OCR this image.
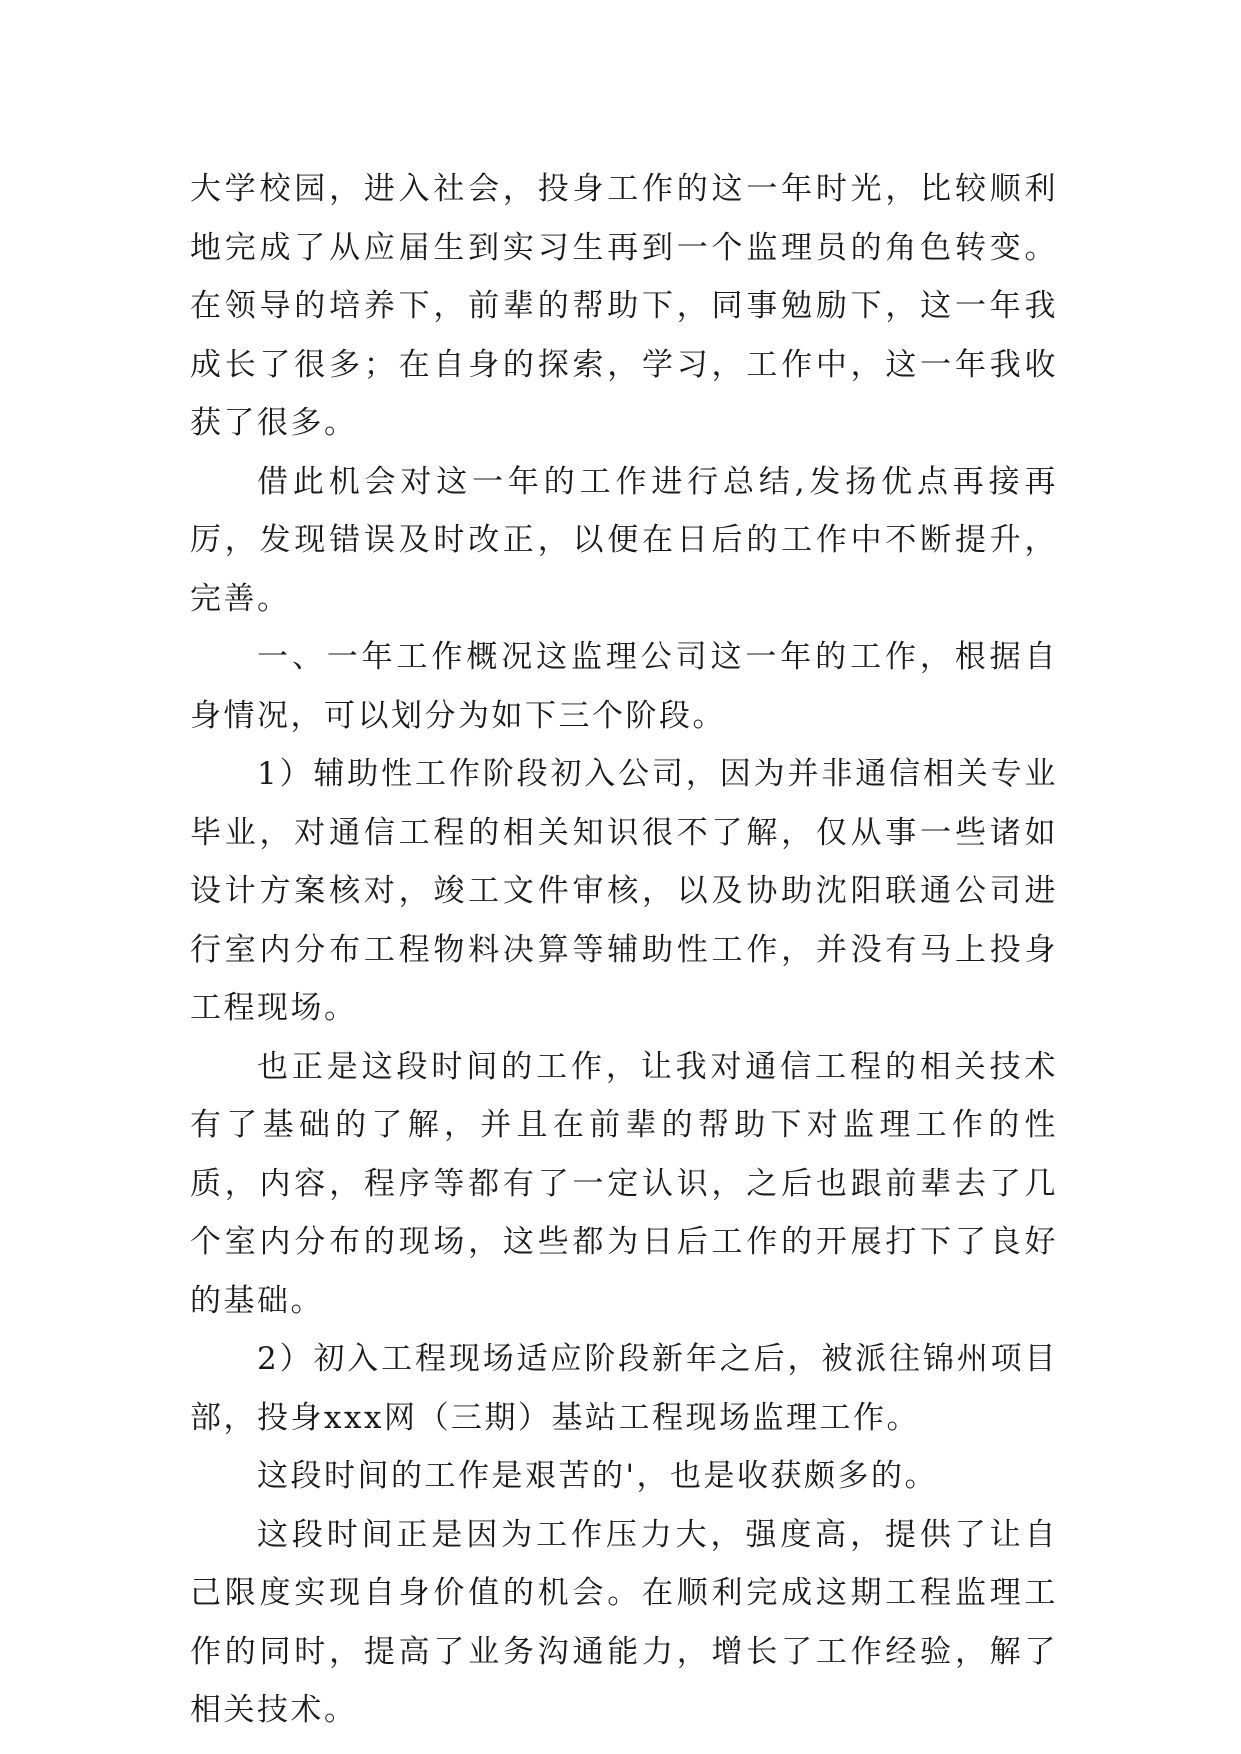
大学校园，进入社会，投身工作的这一年时光，比较顺利地完成了从应届生到实习生再到一个监理员的角色转变。在领导的培养下，前辈的帮助下，同事勉励下，这一年我成长了很多；在自身的探索，学习，工作中，这一年我收获了很多。

借此机会对这一年的工作进行总结,发扬优点再接再厉，发现错误及时改正，以便在日后的工作中不断提升，完善。

一、一年工作概况这监理公司这一年的工作，根据自身情况，可以划分为如下三个阶段。

1）辅助性工作阶段初入公司，因为并非通信相关专业毕业，对通信工程的相关知识很不了解，仅从事一些诸如设计方案核对，竣工文件审核，以及协助沈阳联通公司进行室内分布工程物料决算等辅助性工作，并没有马上投身工程现场。

也正是这段时间的工作，让我对通信工程的相关技术有了基础的了解，并且在前辈的帮助下对监理工作的性质，内容，程序等都有了一定认识，之后也跟前辈去了几个室内分布的现场，这些都为日后工作的开展打下了良好的基础。

2）初入工程现场适应阶段新年之后，被派往锦州项目部，投身xxx网（三期）基站工程现场监理工作。

这段时间的工作是艰苦的'，也是收获颇多的。

这段时间正是因为工作压力大，强度高，提供了让自己限度实现自身价值的机会。在顺利完成这期工程监理工作的同时，提高了业务沟通能力，增长了工作经验，解了相关技术。
